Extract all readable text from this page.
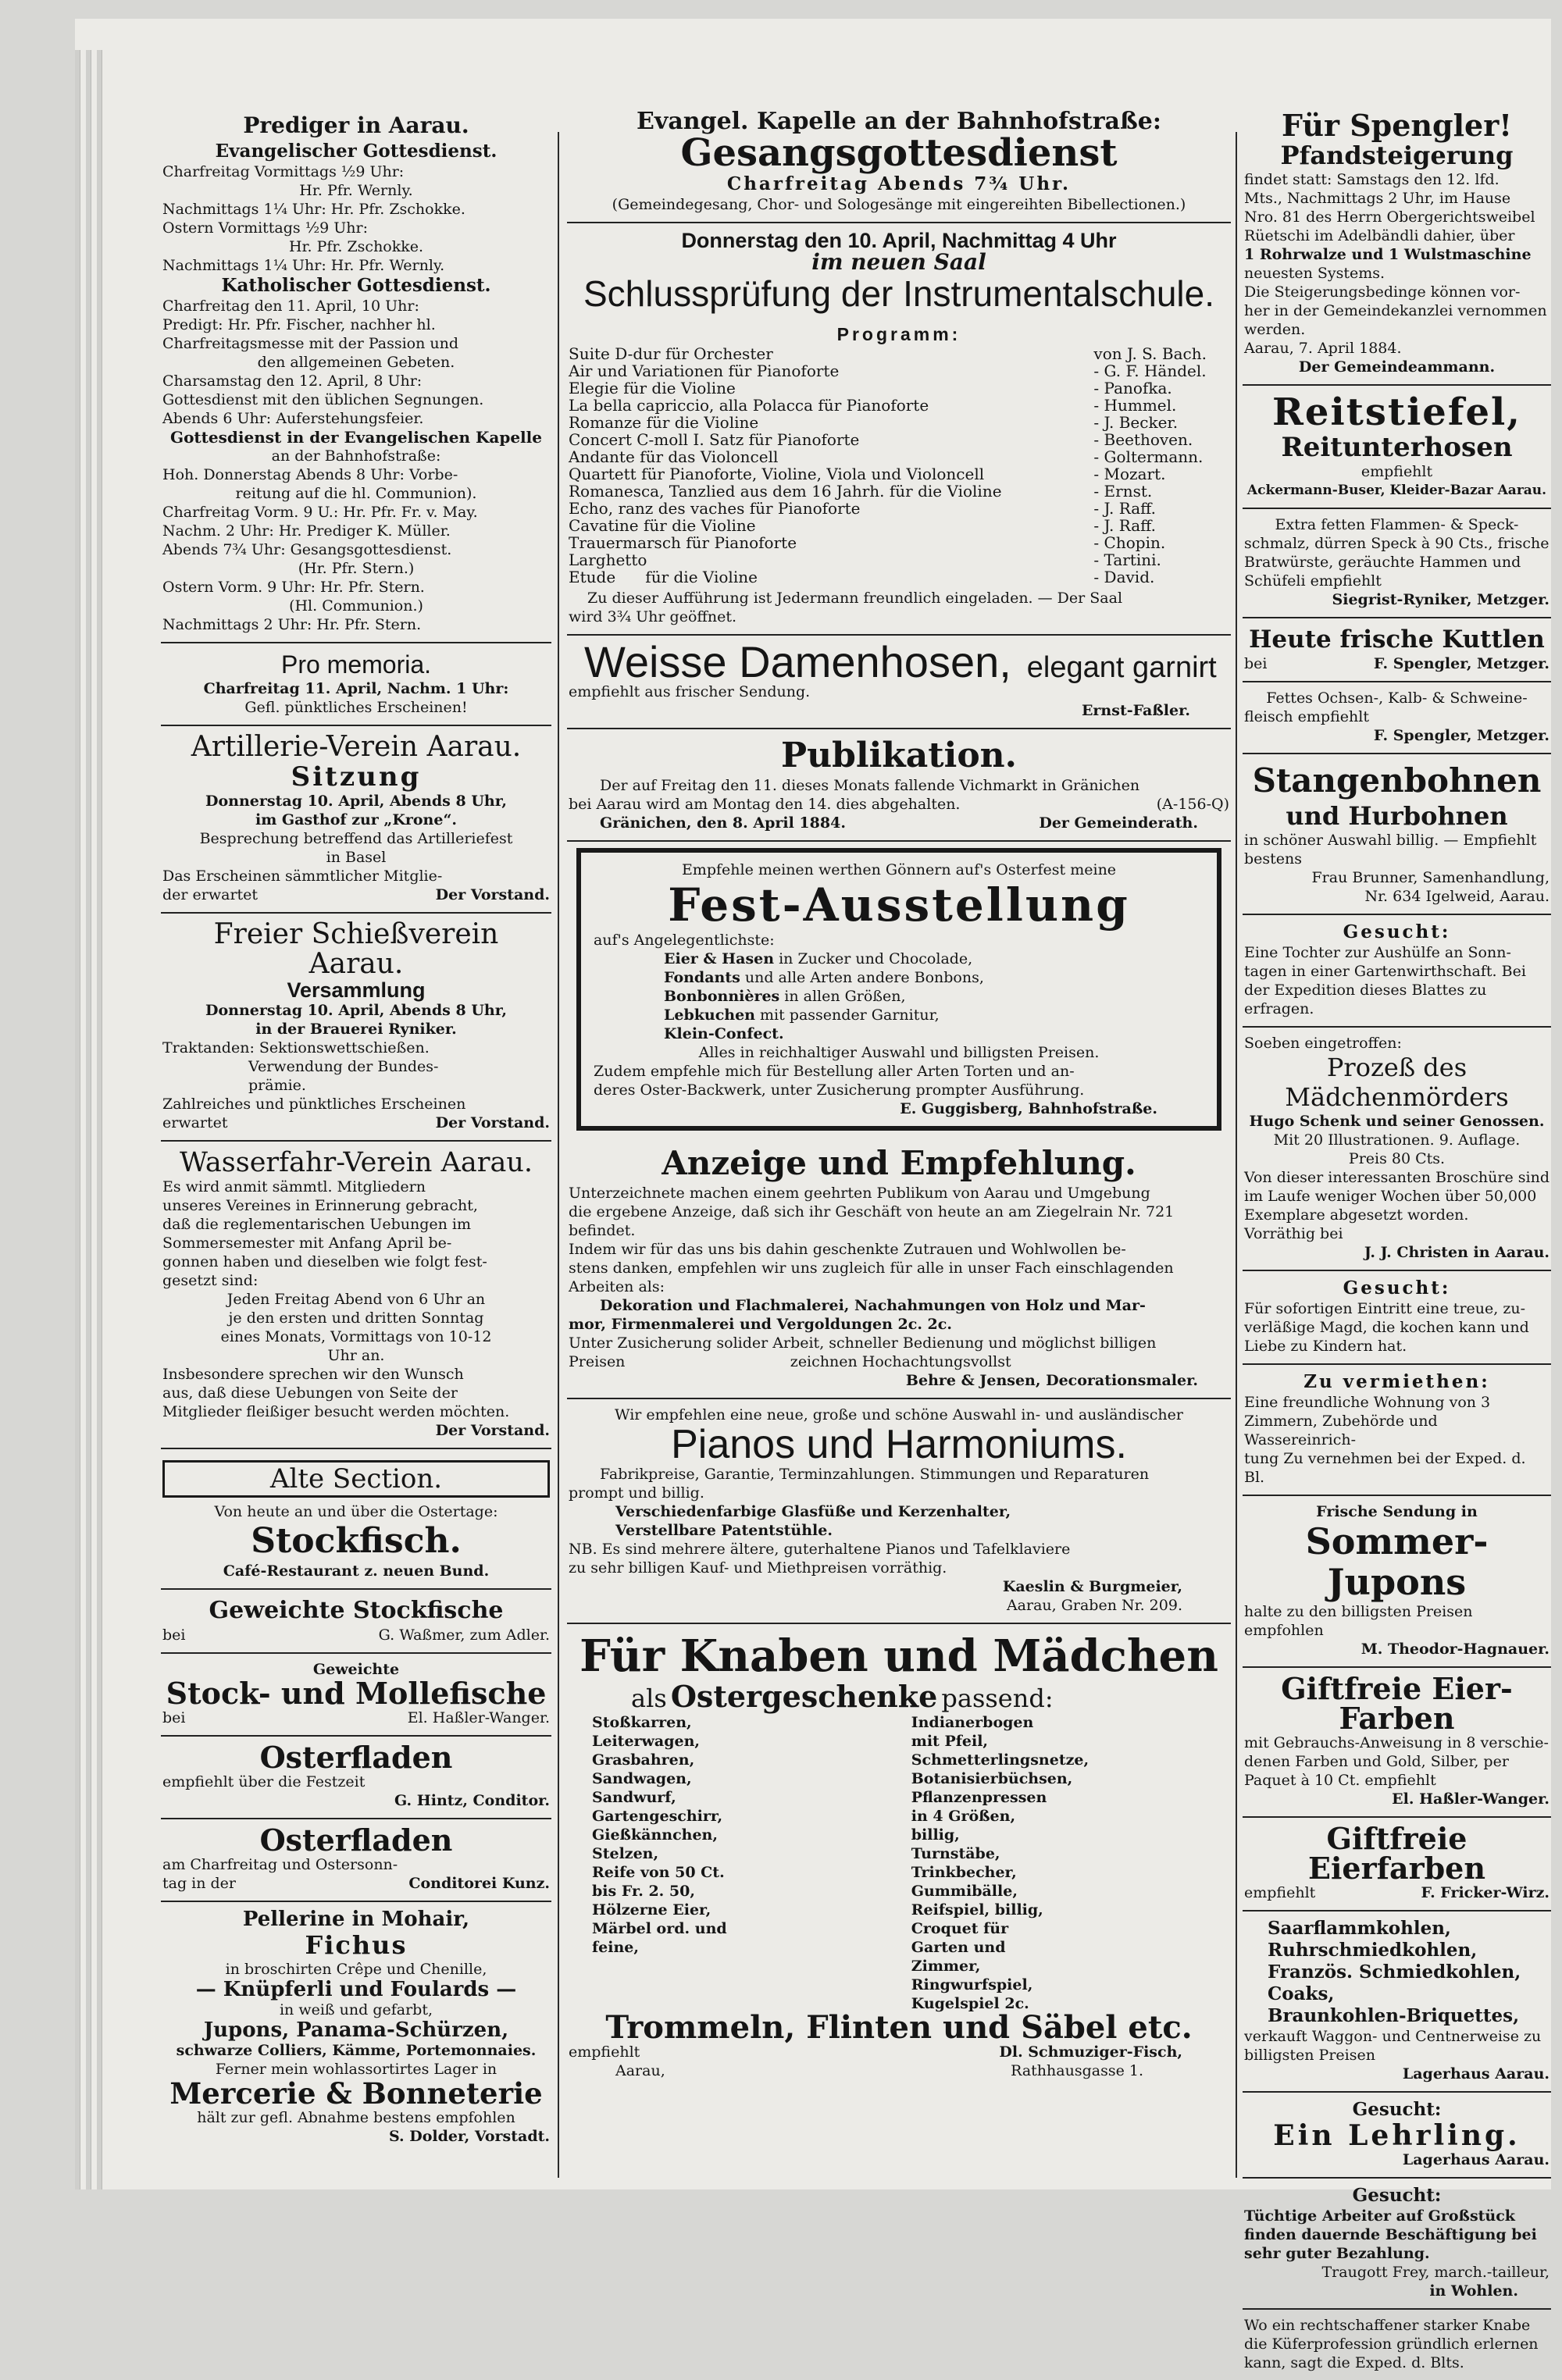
Prediger in Aarau.
Evangelischer Gottesdienst.
Charfreitag Vormittags ½9 Uhr:
Hr. Pfr. Wernly.
Nachmittags 1¼ Uhr: Hr. Pfr. Zschokke.
Ostern Vormittags ½9 Uhr:
Hr. Pfr. Zschokke.
Nachmittags 1¼ Uhr: Hr. Pfr. Wernly.
Katholischer Gottesdienst.
Charfreitag den 11. April, 10 Uhr:
Predigt: Hr. Pfr. Fischer, nachher hl.
Charfreitagsmesse mit der Passion und
den allgemeinen Gebeten.
Charsamstag den 12. April, 8 Uhr:
Gottesdienst mit den üblichen Segnungen.
Abends 6 Uhr: Auferstehungsfeier.
Gottesdienst in der Evangelischen Kapelle
an der Bahnhofstraße:
Hoh. Donnerstag Abends 8 Uhr: Vorbe-
reitung auf die hl. Communion).
Charfreitag Vorm. 9 U.: Hr. Pfr. Fr. v. May.
Nachm. 2 Uhr: Hr. Prediger K. Müller.
Abends 7¾ Uhr: Gesangsgottesdienst.
(Hr. Pfr. Stern.)
Ostern Vorm. 9 Uhr: Hr. Pfr. Stern.
(Hl. Communion.)
Nachmittags 2 Uhr: Hr. Pfr. Stern.
Pro memoria.
Charfreitag 11. April, Nachm. 1 Uhr:
Gefl. pünktliches Erscheinen!
Artillerie-Verein Aarau.
Sitzung
Donnerstag 10. April, Abends 8 Uhr,
im Gasthof zur „Krone“.
Besprechung betreffend das Artilleriefest
in Basel
Das Erscheinen sämmtlicher Mitglie-
der erwartet	Der Vorstand.
Freier Schießverein Aarau.
Versammlung
Donnerstag 10. April, Abends 8 Uhr,
in der Brauerei Ryniker.
Traktanden: Sektionswettschießen.
Verwendung der Bundes-
prämie.
Zahlreiches und pünktliches Erscheinen
erwartet	Der Vorstand.
Wasserfahr-Verein Aarau.
Es wird anmit sämmtl. Mitgliedern
unseres Vereines in Erinnerung gebracht,
daß die reglementarischen Uebungen im
Sommersemester mit Anfang April be-
gonnen haben und dieselben wie folgt fest-
gesetzt sind:
Jeden Freitag Abend von 6 Uhr an
je den ersten und dritten Sonntag
eines Monats, Vormittags von 10-12
Uhr an.
Insbesondere sprechen wir den Wunsch
aus, daß diese Uebungen von Seite der
Mitglieder fleißiger besucht werden möchten.
Der Vorstand.
Alte Section.
Von heute an und über die Ostertage:
Stockfisch.
Café-Restaurant z. neuen Bund.
Geweichte Stockfische
bei	G. Waßmer, zum Adler.
Geweichte
Stock- und Mollefische
bei	El. Haßler-Wanger.
Osterfladen
empfiehlt über die Festzeit
G. Hintz, Conditor.
Osterfladen
am Charfreitag und Ostersonn-
tag in der	Conditorei Kunz.
Pellerine in Mohair,
Fichus
in broschirten Crêpe und Chenille,
— Knüpferli und Foulards —
in weiß und gefarbt,
Jupons, Panama-Schürzen,
schwarze Colliers, Kämme, Portemonnaies.
Ferner mein wohlassortirtes Lager in
Mercerie & Bonneterie
hält zur gefl. Abnahme bestens empfohlen
S. Dolder, Vorstadt.
Evangel. Kapelle an der Bahnhofstraße:
Gesangsgottesdienst
Charfreitag Abends 7¾ Uhr.
(Gemeindegesang, Chor- und Sologesänge mit eingereihten Bibellectionen.)
Donnerstag den 10. April, Nachmittag 4 Uhr
im neuen Saal
Schlussprüfung der Instrumentalschule.
Programm:
Suite D-dur für Orchester	von J. S. Bach.
Air und Variationen für Pianoforte	- G. F. Händel.
Elegie für die Violine	- Panofka.
La bella capriccio, alla Polacca für Pianoforte	- Hummel.
Romanze für die Violine	- J. Becker.
Concert C-moll I. Satz für Pianoforte	- Beethoven.
Andante für das Violoncell	- Goltermann.
Quartett für Pianoforte, Violine, Viola und Violoncell	- Mozart.
Romanesca, Tanzlied aus dem 16 Jahrh. für die Violine	- Ernst.
Echo, ranz des vaches für Pianoforte	- J. Raff.
Cavatine für die Violine	- J. Raff.
Trauermarsch für Pianoforte	- Chopin.
Larghetto	- Tartini.
Etude      für die Violine	- David.
Zu dieser Aufführung ist Jedermann freundlich eingeladen. — Der Saal
wird 3¾ Uhr geöffnet.
Weisse Damenhosen, elegant garnirt
empfiehlt aus frischer Sendung.
Ernst-Faßler.
Publikation.
Der auf Freitag den 11. dieses Monats fallende Vichmarkt in Gränichen
bei Aarau wird am Montag den 14. dies abgehalten.	(A-156-Q)
Gränichen, den 8. April 1884.	Der Gemeinderath.
Empfehle meinen werthen Gönnern auf's Osterfest meine
Fest-Ausstellung
auf's Angelegentlichste:
Eier & Hasen in Zucker und Chocolade,
Fondants und alle Arten andere Bonbons,
Bonbonnières in allen Größen,
Lebkuchen mit passender Garnitur,
Klein-Confect.
Alles in reichhaltiger Auswahl und billigsten Preisen.
Zudem empfehle mich für Bestellung aller Arten Torten und an-
deres Oster-Backwerk, unter Zusicherung prompter Ausführung.
E. Guggisberg, Bahnhofstraße.
Anzeige und Empfehlung.
Unterzeichnete machen einem geehrten Publikum von Aarau und Umgebung
die ergebene Anzeige, daß sich ihr Geschäft von heute an am Ziegelrain Nr. 721
befindet.
Indem wir für das uns bis dahin geschenkte Zutrauen und Wohlwollen be-
stens danken, empfehlen wir uns zugleich für alle in unser Fach einschlagenden
Arbeiten als:
Dekoration und Flachmalerei, Nachahmungen von Holz und Mar-
mor, Firmenmalerei und Vergoldungen 2c. 2c.
Unter Zusicherung solider Arbeit, schneller Bedienung und möglichst billigen
Preisen                                   zeichnen Hochachtungsvollst
Behre & Jensen, Decorationsmaler.
Wir empfehlen eine neue, große und schöne Auswahl in- und ausländischer
Pianos und Harmoniums.
Fabrikpreise, Garantie, Terminzahlungen. Stimmungen und Reparaturen
prompt und billig.
Verschiedenfarbige Glasfüße und Kerzenhalter,
Verstellbare Patentstühle.
NB. Es sind mehrere ältere, guterhaltene Pianos und Tafelklaviere
zu sehr billigen Kauf- und Miethpreisen vorräthig.
Kaeslin & Burgmeier,
Aarau, Graben Nr. 209.
Für Knaben und Mädchen
als Ostergeschenke passend:
Stoßkarren,
Leiterwagen,
Grasbahren,
Sandwagen,
Sandwurf,
Gartengeschirr,
Gießkännchen,
Stelzen,
Reife von 50 Ct. bis Fr. 2. 50,
Hölzerne Eier,
Märbel ord. und feine,
Indianerbogen mit Pfeil,
Schmetterlingsnetze,
Botanisierbüchsen,
Pflanzenpressen in 4 Größen, billig,
Turnstäbe,
Trinkbecher,
Gummibälle,
Reifspiel, billig,
Croquet für Garten und Zimmer,
Ringwurfspiel,
Kugelspiel 2c.
Trommeln, Flinten und Säbel etc.
empfiehlt	Dl. Schmuziger-Fisch,
Aarau,	Rathhausgasse 1.
Für Spengler!
Pfandsteigerung
findet statt: Samstags den 12. lfd.
Mts., Nachmittags 2 Uhr, im Hause
Nro. 81 des Herrn Obergerichtsweibel
Rüetschi im Adelbändli dahier, über
1 Rohrwalze und 1 Wulstmaschine
neuesten Systems.
Die Steigerungsbedinge können vor-
her in der Gemeindekanzlei vernommen
werden.
Aarau, 7. April 1884.
Der Gemeindeammann.
Reitstiefel,
Reitunterhosen
empfiehlt
Ackermann-Buser, Kleider-Bazar Aarau.
Extra fetten Flammen- & Speck-
schmalz, dürren Speck à 90 Cts., frische
Bratwürste, geräuchte Hammen und
Schüfeli empfiehlt
Siegrist-Ryniker, Metzger.
Heute frische Kuttlen
bei	F. Spengler, Metzger.
Fettes Ochsen-, Kalb- & Schweine-
fleisch empfiehlt
F. Spengler, Metzger.
Stangenbohnen
und Hurbohnen
in schöner Auswahl billig. — Empfiehlt
bestens
Frau Brunner, Samenhandlung,
Nr. 634 Igelweid, Aarau.
Gesucht:
Eine Tochter zur Aushülfe an Sonn-
tagen in einer Gartenwirthschaft. Bei
der Expedition dieses Blattes zu erfragen.
Soeben eingetroffen:
Prozeß des Mädchenmörders
Hugo Schenk und seiner Genossen.
Mit 20 Illustrationen. 9. Auflage.
Preis 80 Cts.
Von dieser interessanten Broschüre sind
im Laufe weniger Wochen über 50,000
Exemplare abgesetzt worden.
Vorräthig bei
J. J. Christen in Aarau.
Gesucht:
Für sofortigen Eintritt eine treue, zu-
verläßige Magd, die kochen kann und
Liebe zu Kindern hat.
Zu vermiethen:
Eine freundliche Wohnung von 3
Zimmern, Zubehörde und Wassereinrich-
tung Zu vernehmen bei der Exped. d. Bl.
Frische Sendung in
Sommer-Jupons
halte zu den billigsten Preisen empfohlen
M. Theodor-Hagnauer.
Giftfreie Eier-Farben
mit Gebrauchs-Anweisung in 8 verschie-
denen Farben und Gold, Silber, per
Paquet à 10 Ct. empfiehlt
El. Haßler-Wanger.
Giftfreie Eierfarben
empfiehlt	F. Fricker-Wirz.
Saarflammkohlen,
Ruhrschmiedkohlen,
Französ. Schmiedkohlen,
Coaks,
Braunkohlen-Briquettes,
verkauft Waggon- und Centnerweise zu
billigsten Preisen
Lagerhaus Aarau.
Gesucht:
Ein Lehrling.
Lagerhaus Aarau.
Gesucht:
Tüchtige Arbeiter auf Großstück
finden dauernde Beschäftigung bei
sehr guter Bezahlung.
Traugott Frey, march.-tailleur,
in Wohlen.
Wo ein rechtschaffener starker Knabe
die Küferprofession gründlich erlernen
kann, sagt die Exped. d. Blts.
